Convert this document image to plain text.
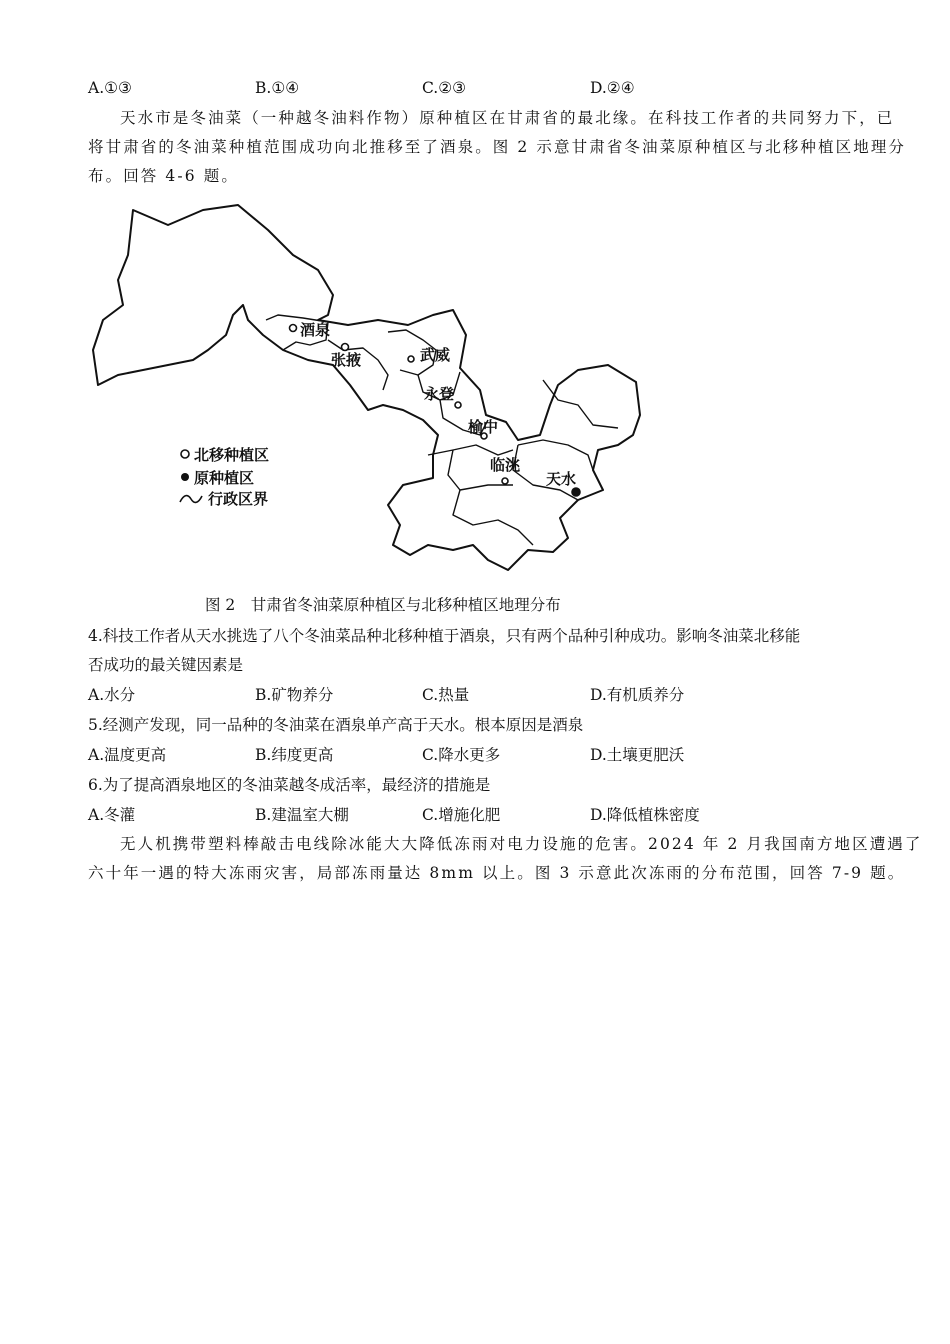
A.①③	B.①④	C.②③	D.②④
天水市是冬油菜（一种越冬油料作物）原种植区在甘肃省的最北缘。在科技工作者的共同努力下，已
将甘肃省的冬油菜种植范围成功向北推移至了酒泉。图 2 示意甘肃省冬油菜原种植区与北移种植区地理分
布。回答 4-6 题。
酒泉
张掖	武威
永登
榆中
临洮
天水
北移种植区
原种植区
行政区界
图 2　甘肃省冬油菜原种植区与北移种植区地理分布
4.科技工作者从天水挑选了八个冬油菜品种北移种植于酒泉，只有两个品种引种成功。影响冬油菜北移能
否成功的最关键因素是
A.水分	B.矿物养分	C.热量	D.有机质养分
5.经测产发现，同一品种的冬油菜在酒泉单产高于天水。根本原因是酒泉
A.温度更高	B.纬度更高	C.降水更多	D.土壤更肥沃
6.为了提高酒泉地区的冬油菜越冬成活率，最经济的措施是
A.冬灌	B.建温室大棚	C.增施化肥	D.降低植株密度
无人机携带塑料棒敲击电线除冰能大大降低冻雨对电力设施的危害。2024 年 2 月我国南方地区遭遇了
六十年一遇的特大冻雨灾害，局部冻雨量达 8mm 以上。图 3 示意此次冻雨的分布范围，回答 7-9 题。
